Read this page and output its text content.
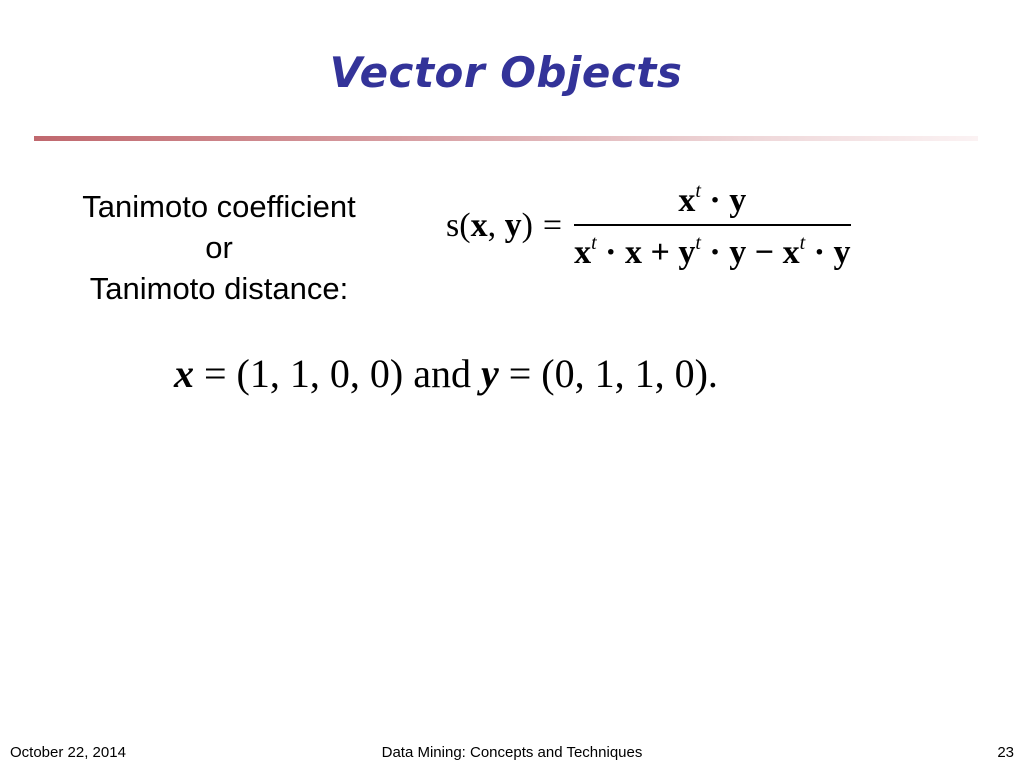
Vector Objects
Tanimoto coefficient
or
Tanimoto distance:
s(x, $y) = \frac{x^t \cdot y}{x^t \cdot x + y^t \cdot y - x^t \cdot y}$
x = (1, 1, 0, 0) and y = (0, 1, 1, 0).
October 22, 2014	Data Mining: Concepts and Techniques	23
